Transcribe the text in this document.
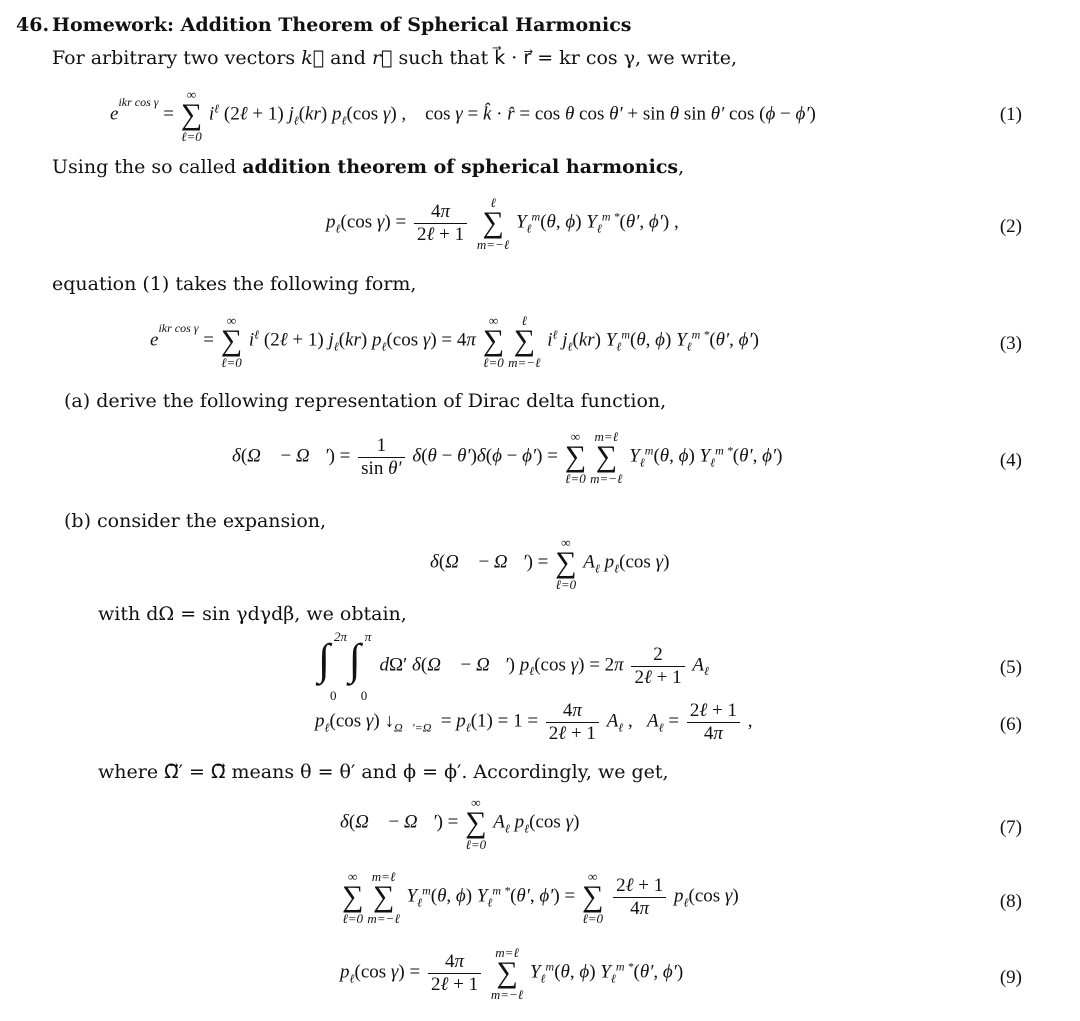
46. Homework: Addition Theorem of Spherical Harmonics
For arbitrary two vectors k⃗ and r⃗ such that k⃗ · r⃗ = kr cos γ, we write,
$e^{ikr cos \gamma}$ =
∞
∑
ℓ=0
$i^\ell$ (2ℓ + 1) $j_\ell(kr)$ $p_\ell(\cos$ γ) ,    cos γ = k̂ · r̂ = cos θ cos θ′ + sin θ sin θ′ cos (ϕ − ϕ′)	(1)
Using the so called addition theorem of spherical harmonics,
$p_\ell(\cos$ $\gamma) = \frac{4\pi}{\text{2ℓ + 1}}$
	ℓ
∑
m=−ℓ
$Y_\ell^m(\theta$, ϕ) $Y_\ell^{m *}(\theta'$, ϕ′) ,	(2)
equation (1) takes the following form,
$e^{ikr cos \gamma}$ =
∞
∑
ℓ=0
$i^\ell$ (2ℓ + 1) $j_\ell(kr)$ $p_\ell(\cos$ γ) = 4π
∞
∑
ℓ=0
ℓ
∑
m=−ℓ
$i^\ell$ $j_\ell(kr)$ $Y_\ell^m(\theta$, ϕ) $Y_\ell^{m *}(\theta'$, ϕ′)	(3)
(a) derive the following representation of Dirac delta function,
δ(Ω⃗ − Ω⃗′) = $\frac{1}{\text{sin θ′}} \delta(\theta - \theta')\delta(\phi - \phi')$ =
∞
∑
ℓ=0
m=ℓ
∑
m=−ℓ
$Y_\ell^m(\theta$, ϕ) $Y_\ell^{m *}(\theta'$, ϕ′)	(4)
(b) consider the expansion,
δ(Ω⃗ − Ω⃗′) =
∞
∑
ℓ=0
$A_\ell$ $p_\ell(\cos$ γ)
with dΩ = sin γdγdβ, we obtain,
∫ 2π
0

∫ π
0
dΩ′ δ(Ω⃗ − Ω⃗′) $p_\ell(\cos$ $\gamma) = 2\pi \frac{2}{\text{2ℓ + 1}} A_\ell$	(5)
$p_\ell(\cos$ γ) $↓_{\Omega⃗'=\Omega⃗}= p_\ell(1) = 1 = \frac{4\pi}{\text{2ℓ + 1}} A_\ell$ ,   $A_\ell = \frac{\text{2ℓ + 1}}{4\pi}$ ,	(6)
where Ω⃗′ = Ω⃗ means θ = θ′ and ϕ = ϕ′. Accordingly, we get,
δ(Ω⃗ − Ω⃗′) =
∞
∑
ℓ=0
$A_\ell$ $p_\ell(\cos$ γ)	(7)
∞
∑
ℓ=0
m=ℓ
∑
m=−ℓ
$Y_\ell^m(\theta$, ϕ) $Y_\ell^{m *}(\theta'$, ϕ′) =
∞
∑
ℓ=0
$\frac{\text{2ℓ + 1}}{4\pi} p_\ell(\cos$ γ)	(8)
$p_\ell(\cos$ $\gamma) = \frac{4\pi}{\text{2ℓ + 1}}$
	m=ℓ
∑
m=−ℓ
$Y_\ell^m(\theta$, ϕ) $Y_\ell^{m *}(\theta'$, ϕ′)	(9)
